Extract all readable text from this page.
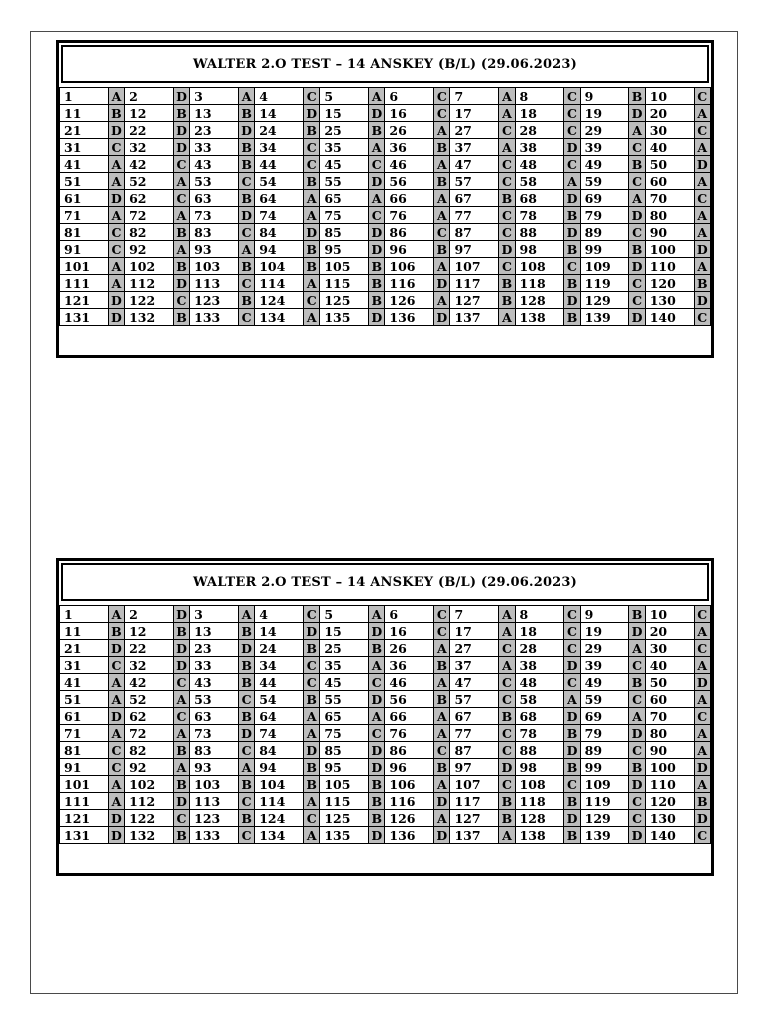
WALTER 2.O TEST – 14 ANSKEY (B/L) (29.06.2023)
1	A	2	D	3	A	4	C	5	A	6	C	7	A	8	C	9	B	10	C
11	B	12	B	13	B	14	D	15	D	16	C	17	A	18	C	19	D	20	A
21	D	22	D	23	D	24	B	25	B	26	A	27	C	28	C	29	A	30	C
31	C	32	D	33	B	34	C	35	A	36	B	37	A	38	D	39	C	40	A
41	A	42	C	43	B	44	C	45	C	46	A	47	C	48	C	49	B	50	D
51	A	52	A	53	C	54	B	55	D	56	B	57	C	58	A	59	C	60	A
61	D	62	C	63	B	64	A	65	A	66	A	67	B	68	D	69	A	70	C
71	A	72	A	73	D	74	A	75	C	76	A	77	C	78	B	79	D	80	A
81	C	82	B	83	C	84	D	85	D	86	C	87	C	88	D	89	C	90	A
91	C	92	A	93	A	94	B	95	D	96	B	97	D	98	B	99	B	100	D
101	A	102	B	103	B	104	B	105	B	106	A	107	C	108	C	109	D	110	A
111	A	112	D	113	C	114	A	115	B	116	D	117	B	118	B	119	C	120	B
121	D	122	C	123	B	124	C	125	B	126	A	127	B	128	D	129	C	130	D
131	D	132	B	133	C	134	A	135	D	136	D	137	A	138	B	139	D	140	C
WALTER 2.O TEST – 14 ANSKEY (B/L) (29.06.2023)
1	A	2	D	3	A	4	C	5	A	6	C	7	A	8	C	9	B	10	C
11	B	12	B	13	B	14	D	15	D	16	C	17	A	18	C	19	D	20	A
21	D	22	D	23	D	24	B	25	B	26	A	27	C	28	C	29	A	30	C
31	C	32	D	33	B	34	C	35	A	36	B	37	A	38	D	39	C	40	A
41	A	42	C	43	B	44	C	45	C	46	A	47	C	48	C	49	B	50	D
51	A	52	A	53	C	54	B	55	D	56	B	57	C	58	A	59	C	60	A
61	D	62	C	63	B	64	A	65	A	66	A	67	B	68	D	69	A	70	C
71	A	72	A	73	D	74	A	75	C	76	A	77	C	78	B	79	D	80	A
81	C	82	B	83	C	84	D	85	D	86	C	87	C	88	D	89	C	90	A
91	C	92	A	93	A	94	B	95	D	96	B	97	D	98	B	99	B	100	D
101	A	102	B	103	B	104	B	105	B	106	A	107	C	108	C	109	D	110	A
111	A	112	D	113	C	114	A	115	B	116	D	117	B	118	B	119	C	120	B
121	D	122	C	123	B	124	C	125	B	126	A	127	B	128	D	129	C	130	D
131	D	132	B	133	C	134	A	135	D	136	D	137	A	138	B	139	D	140	C
